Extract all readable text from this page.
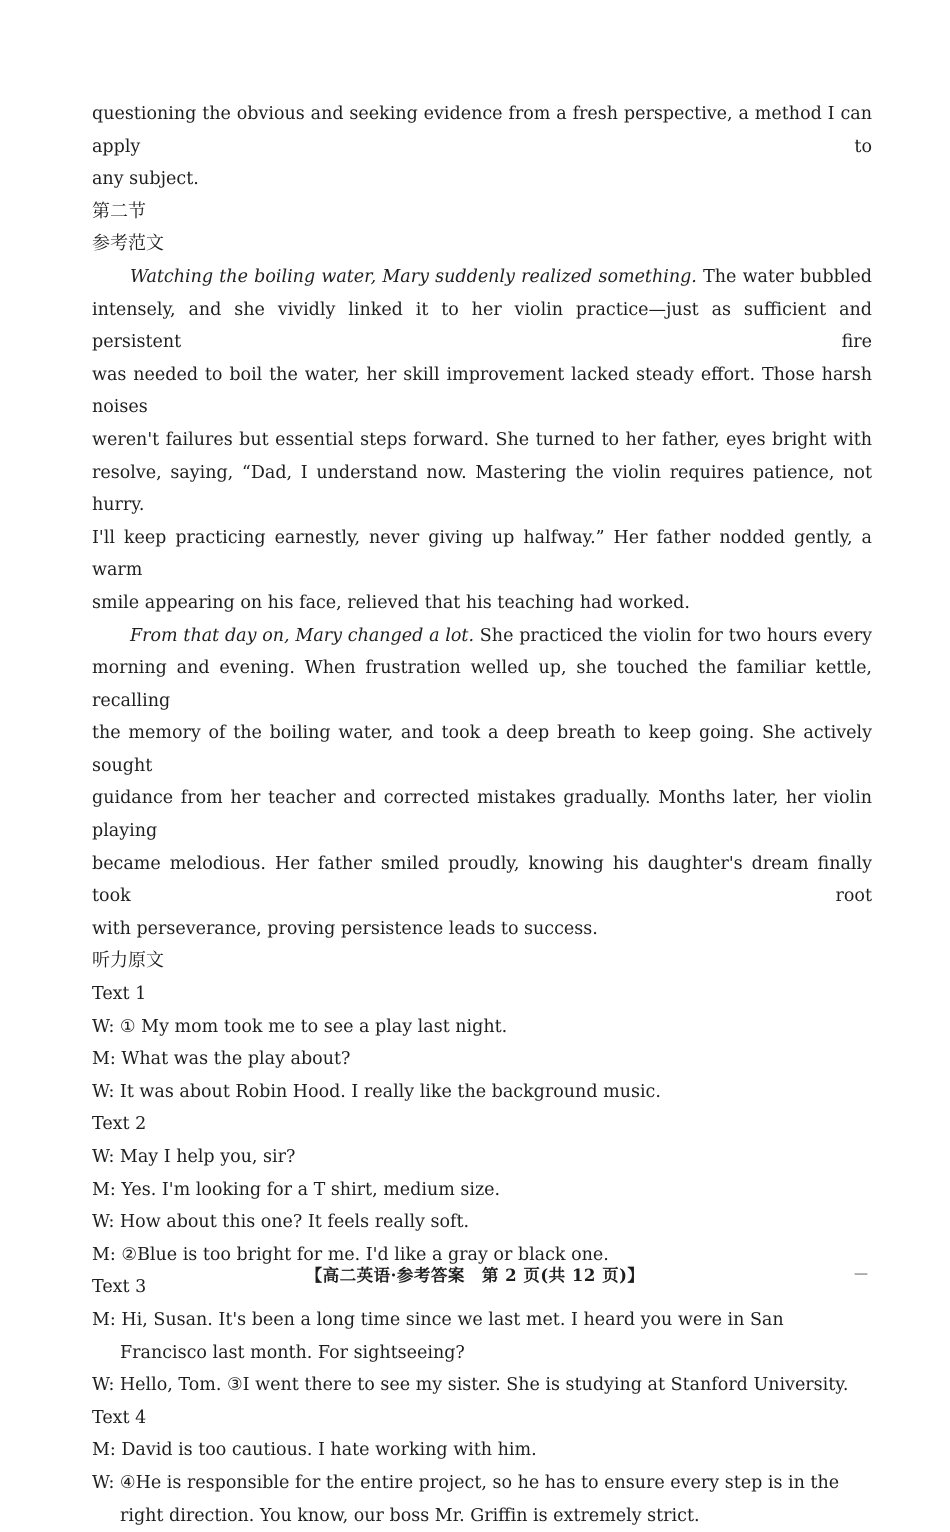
questioning the obvious and seeking evidence from a fresh perspective, a method I can apply to

any subject.

第二节

参考范文

Watching the boiling water, Mary suddenly realized something. The water bubbled

intensely, and she vividly linked it to her violin practice—just as sufficient and persistent fire

was needed to boil the water, her skill improvement lacked steady effort. Those harsh noises

weren't failures but essential steps forward. She turned to her father, eyes bright with

resolve, saying, “Dad, I understand now. Mastering the violin requires patience, not hurry.

I'll keep practicing earnestly, never giving up halfway.” Her father nodded gently, a warm

smile appearing on his face, relieved that his teaching had worked.

From that day on, Mary changed a lot. She practiced the violin for two hours every

morning and evening. When frustration welled up, she touched the familiar kettle, recalling

the memory of the boiling water, and took a deep breath to keep going. She actively sought

guidance from her teacher and corrected mistakes gradually. Months later, her violin playing

became melodious. Her father smiled proudly, knowing his daughter's dream finally took root

with perseverance, proving persistence leads to success.

听力原文

Text 1

W: ① My mom took me to see a play last night.

M: What was the play about?

W: It was about Robin Hood. I really like the background music.

Text 2

W: May I help you, sir?

M: Yes. I'm looking for a T shirt, medium size.

W: How about this one? It feels really soft.

M: ②Blue is too bright for me. I'd like a gray or black one.

Text 3

M: Hi, Susan. It's been a long time since we last met. I heard you were in San Francisco last month. For sightseeing?

W: Hello, Tom. ③I went there to see my sister. She is studying at Stanford University.

Text 4

M: David is too cautious. I hate working with him.

W: ④He is responsible for the entire project, so he has to ensure every step is in the right direction. You know, our boss Mr. Griffin is extremely strict.

【高二英语·参考答案　第 2 页(共 12 页)】	—
